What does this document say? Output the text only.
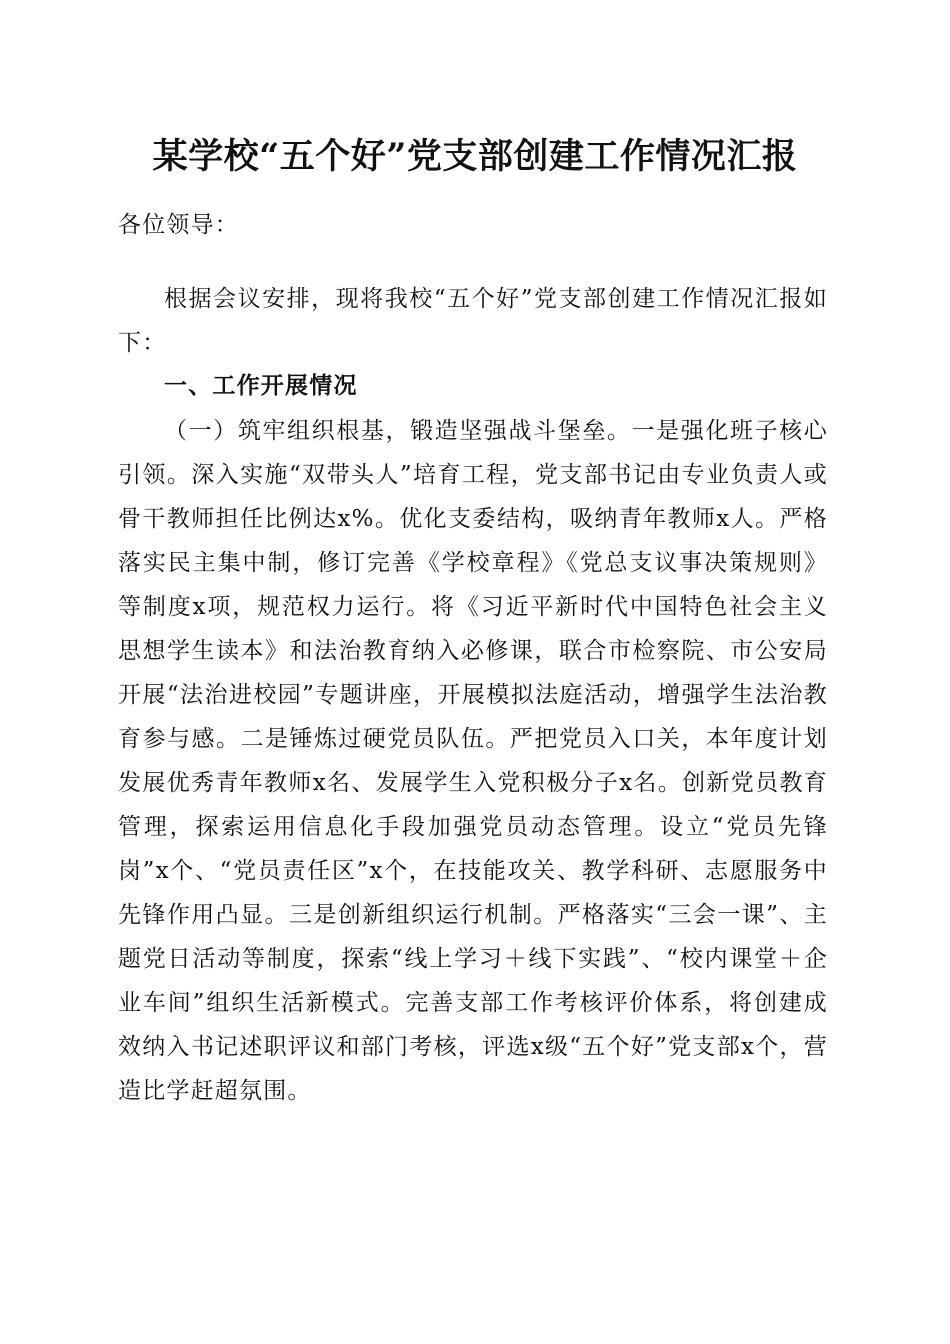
某学校“五个好”党支部创建工作情况汇报
各位领导：
根据会议安排，现将我校“五个好”党支部创建工作情况汇报如下：
一、工作开展情况
（一）筑牢组织根基，锻造坚强战斗堡垒。一是强化班子核心引领。深入实施“双带头人”培育工程，党支部书记由专业负责人或骨干教师担任比例达x%。优化支委结构，吸纳青年教师x人。严格落实民主集中制，修订完善《学校章程》《党总支议事决策规则》等制度x项，规范权力运行。将《习近平新时代中国特色社会主义思想学生读本》和法治教育纳入必修课，联合市检察院、市公安局开展“法治进校园”专题讲座，开展模拟法庭活动，增强学生法治教育参与感。二是锤炼过硬党员队伍。严把党员入口关，本年度计划发展优秀青年教师x名、发展学生入党积极分子x名。创新党员教育管理，探索运用信息化手段加强党员动态管理。设立“党员先锋岗”x个、“党员责任区”x个，在技能攻关、教学科研、志愿服务中先锋作用凸显。三是创新组织运行机制。严格落实“三会一课”、主题党日活动等制度，探索“线上学习＋线下实践”、“校内课堂＋企业车间”组织生活新模式。完善支部工作考核评价体系，将创建成效纳入书记述职评议和部门考核，评选x级“五个好”党支部x个，营造比学赶超氛围。
